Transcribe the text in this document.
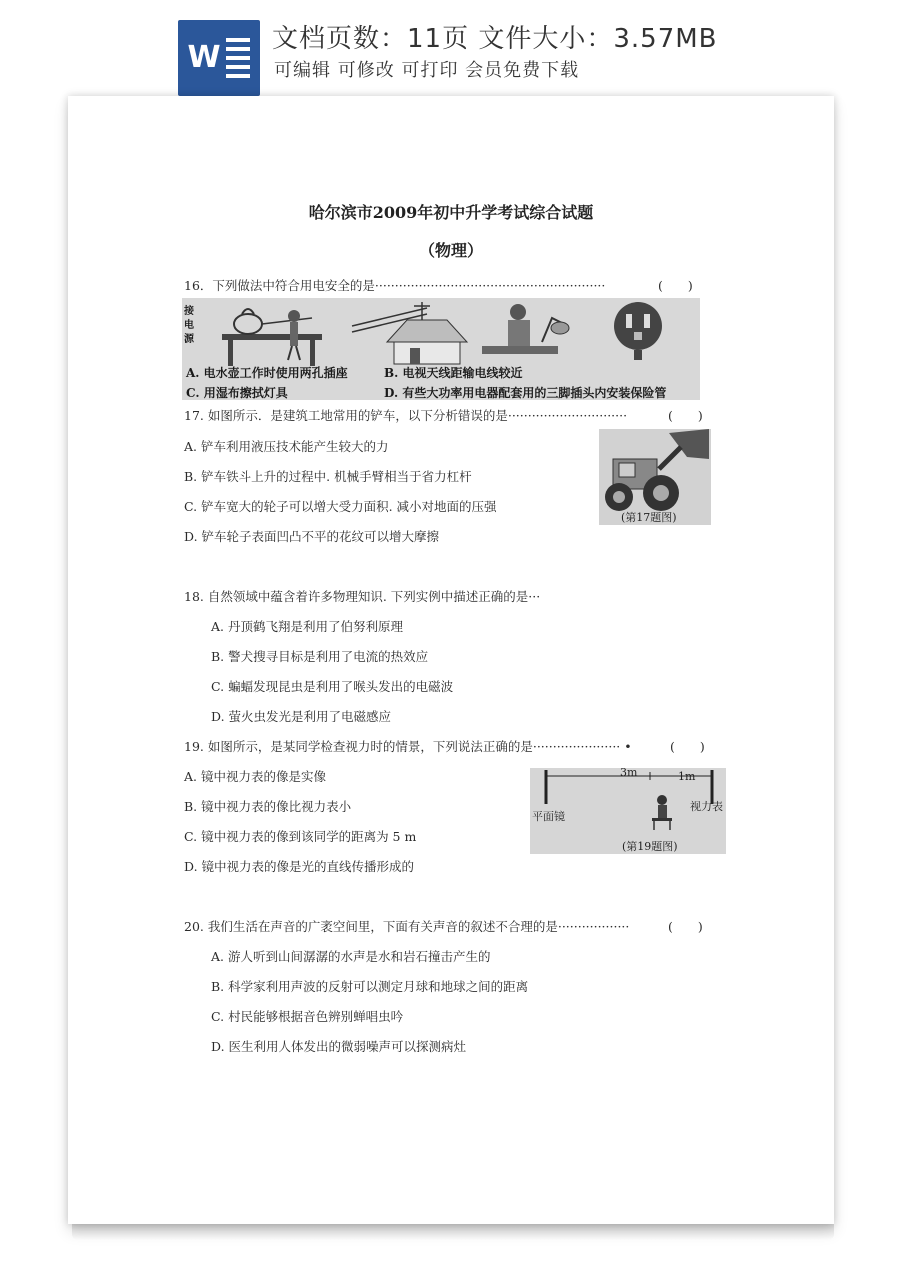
W
文档页数：11页 文件大小：3.57MB
可编辑 可修改 可打印 会员免费下载
哈尔滨市2009年初中升学考试综合试题
（物理）
16．下列做法中符合用电安全的是··························································	(　　)
接
电
源
A. 电水壶工作时使用两孔插座	B. 电视天线距输电线较近
C. 用湿布擦拭灯具	D. 有些大功率用电器配套用的三脚插头内安装保险管
17. 如图所示．是建筑工地常用的铲车，以下分析错误的是······························	(　　)
A. 铲车利用液压技术能产生较大的力
B. 铲车铁斗上升的过程中. 机械手臂相当于省力杠杆
C. 铲车宽大的轮子可以增大受力面积. 减小对地面的压强
D. 铲车轮子表面凹凸不平的花纹可以增大摩擦
(第17题图)
18. 自然领域中蕴含着许多物理知识. 下列实例中描述正确的是···
A. 丹顶鹤飞翔是利用了伯努利原理
B. 警犬搜寻目标是利用了电流的热效应
C. 蝙蝠发现昆虫是利用了喉头发出的电磁波
D. 萤火虫发光是利用了电磁感应
19. 如图所示，是某同学检查视力时的情景，下列说法正确的是······················ •	(　　)
A. 镜中视力表的像是实像
B. 镜中视力表的像比视力表小
C. 镜中视力表的像到该同学的距离为 5 m
D. 镜中视力表的像是光的直线传播形成的
3m	1m
平面镜
视力表
(第19题图)
20. 我们生活在声音的广袤空间里，下面有关声音的叙述不合理的是··················	(　　)
A. 游人听到山间潺潺的水声是水和岩石撞击产生的
B. 科学家利用声波的反射可以测定月球和地球之间的距离
C. 村民能够根据音色辨别蝉唱虫吟
D. 医生利用人体发出的微弱噪声可以探测病灶
